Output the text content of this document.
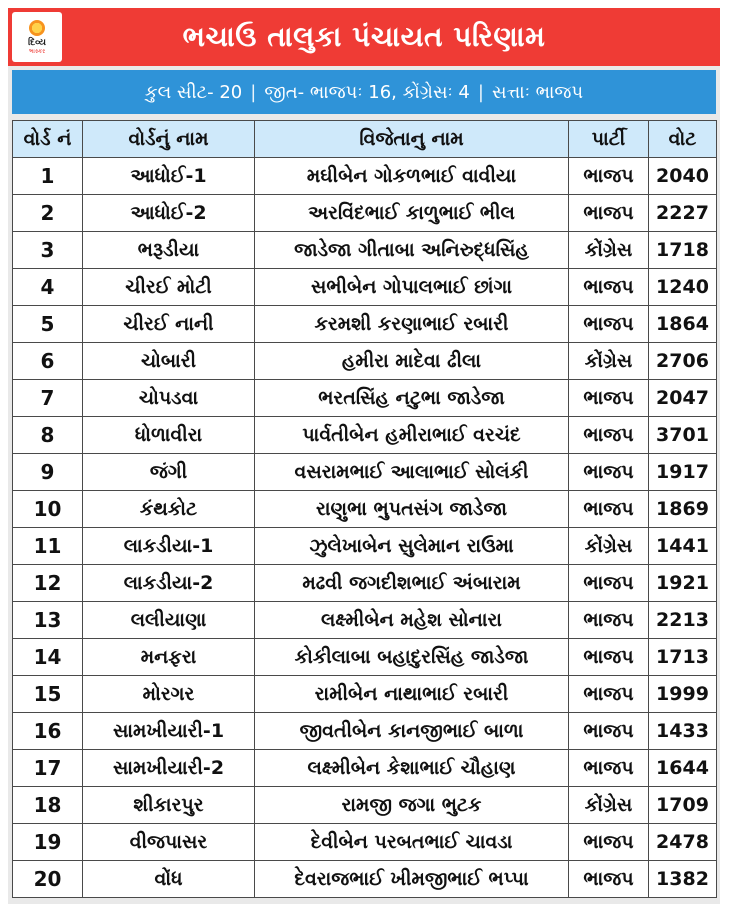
દિવ્ય
ભાસ્કર	ભચાઉ તાલુકા પંચાયત પરિણામ
કુલ સીટ- 20 | જીત- ભાજપઃ 16, કોંગ્રેસઃ 4 | સત્તાઃ ભાજપ
વોર્ડ નં	વોર્ડનું નામ	વિજેતાનુ નામ	પાર્ટી	વોટ
1	આધોઈ-1	મઘીબેન ગોકળભાઈ વાવીયા	ભાજપ	2040
2	આધોઈ-2	અરવિંદભાઈ કાળુભાઈ ભીલ	ભાજપ	2227
3	ભરૂડીયા	જાડેજા ગીતાબા અનિરુદ્ધસિંહ	કોંગ્રેસ	1718
4	ચીરઈ મોટી	સભીબેન ગોપાલભાઈ છાંગા	ભાજપ	1240
5	ચીરઈ નાની	કરમશી કરણાભાઈ રબારી	ભાજપ	1864
6	ચોબારી	હમીરા માદેવા ઢીલા	કોંગ્રેસ	2706
7	ચોપડવા	ભરતસિંહ નટુભા જાડેજા	ભાજપ	2047
8	ધોળાવીરા	પાર્વતીબેન હમીરાભાઈ વરચંદ	ભાજપ	3701
9	જંગી	વસરામભાઈ આલાભાઈ સોલંકી	ભાજપ	1917
10	કંથકોટ	રાણુભા ભુપતસંગ જાડેજા	ભાજપ	1869
11	લાકડીયા-1	ઝુલેખાબેન સુલેમાન રાઉમા	કોંગ્રેસ	1441
12	લાકડીયા-2	મઢવી જગદીશભાઈ અંબારામ	ભાજપ	1921
13	લલીયાણા	લક્ષ્મીબેન મહેશ સોનારા	ભાજપ	2213
14	મનફરા	કોકીલાબા બહાદુરસિંહ જાડેજા	ભાજપ	1713
15	મોરગર	રામીબેન નાથાભાઈ રબારી	ભાજપ	1999
16	સામખીયારી-1	જીવતીબેન કાનજીભાઈ બાળા	ભાજપ	1433
17	સામખીયારી-2	લક્ષ્મીબેન કેશાભાઈ ચૌહાણ	ભાજપ	1644
18	શીકારપુર	રામજી જગા ભુટક	કોંગ્રેસ	1709
19	વીજપાસર	દેવીબેન પરબતભાઈ ચાવડા	ભાજપ	2478
20	વોંધ	દેવરાજભાઈ ખીમજીભાઈ ભપ્પા	ભાજપ	1382
